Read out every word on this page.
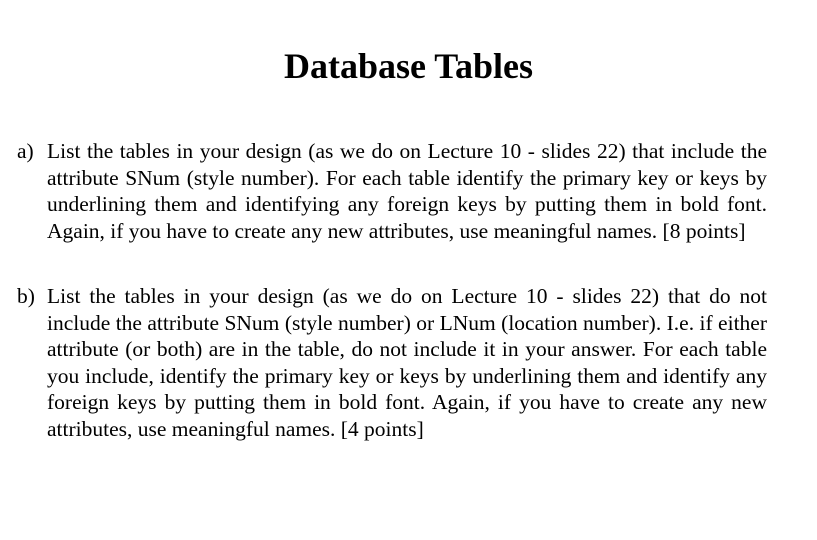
Database Tables
a) List the tables in your design (as we do on Lecture 10 - slides 22) that include the attribute SNum (style number). For each table identify the primary key or keys by underlining them and identifying any foreign keys by putting them in bold font. Again, if you have to create any new attributes, use meaningful names. [8 points]
b) List the tables in your design (as we do on Lecture 10 - slides 22) that do not include the attribute SNum (style number) or LNum (location number). I.e. if either attribute (or both) are in the table, do not include it in your answer. For each table you include, identify the primary key or keys by underlining them and identify any foreign keys by putting them in bold font. Again, if you have to create any new attributes, use meaningful names. [4 points]
